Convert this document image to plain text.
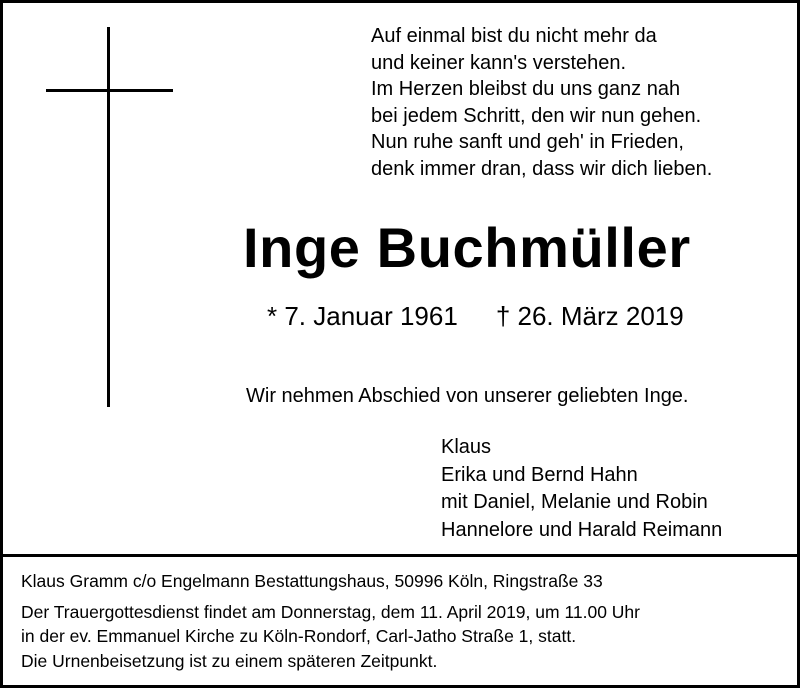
Auf einmal bist du nicht mehr da
und keiner kann's verstehen.
Im Herzen bleibst du uns ganz nah
bei jedem Schritt, den wir nun gehen.
Nun ruhe sanft und geh' in Frieden,
denk immer dran, dass wir dich lieben.
Inge Buchmüller
* 7. Januar 1961 † 26. März 2019
Wir nehmen Abschied von unserer geliebten Inge.
Klaus
Erika und Bernd Hahn
mit Daniel, Melanie und Robin
Hannelore und Harald Reimann
Klaus Gramm c/o Engelmann Bestattungshaus, 50996 Köln, Ringstraße 33
Der Trauergottesdienst findet am Donnerstag, dem 11. April 2019, um 11.00 Uhr
in der ev. Emmanuel Kirche zu Köln-Rondorf, Carl-Jatho Straße 1, statt.
Die Urnenbeisetzung ist zu einem späteren Zeitpunkt.
